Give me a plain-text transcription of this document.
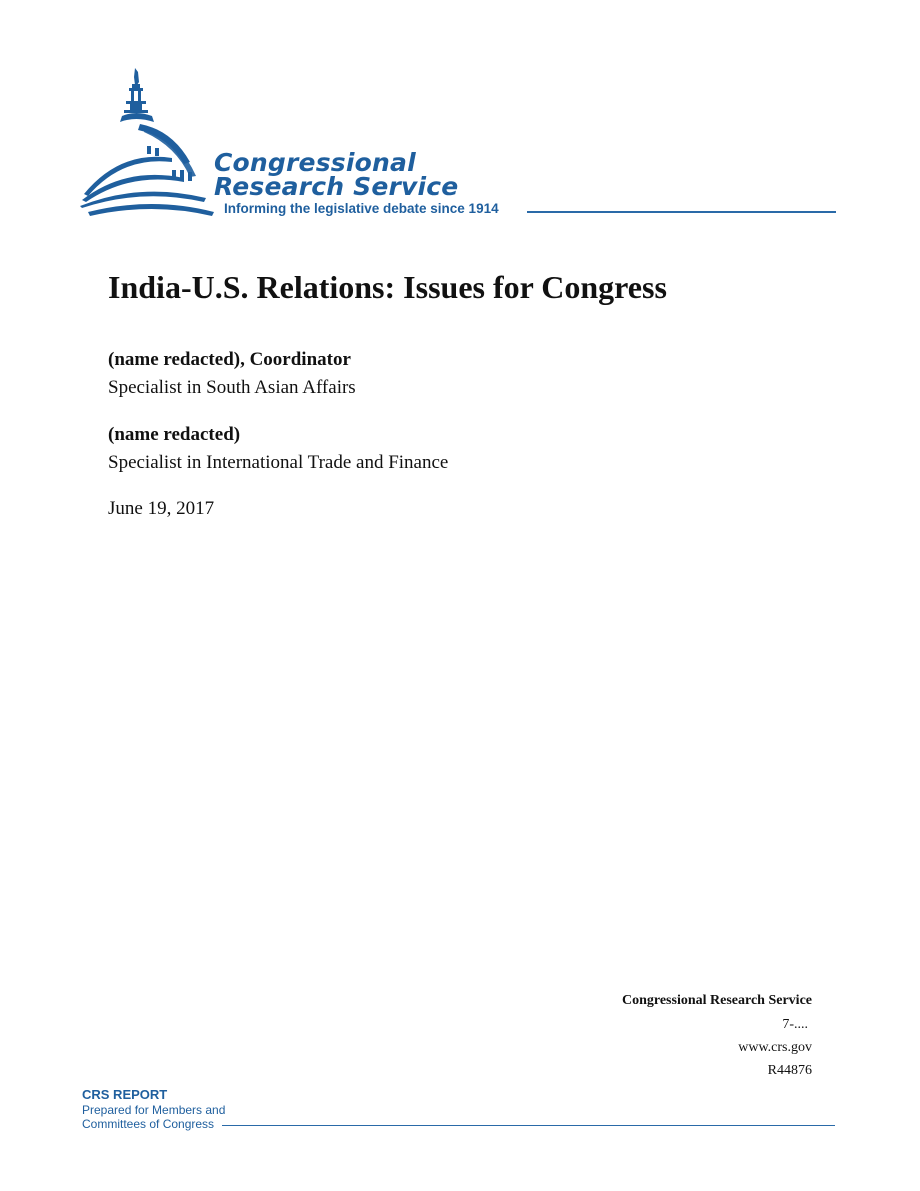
Congressional
Research Service
Informing the legislative debate since 1914
India-U.S. Relations: Issues for Congress
(name redacted), Coordinator
Specialist in South Asian Affairs
(name redacted)
Specialist in International Trade and Finance
June 19, 2017
Congressional Research Service
7-....
www.crs.gov
R44876
CRS REPORT
Prepared for Members and
Committees of Congress
